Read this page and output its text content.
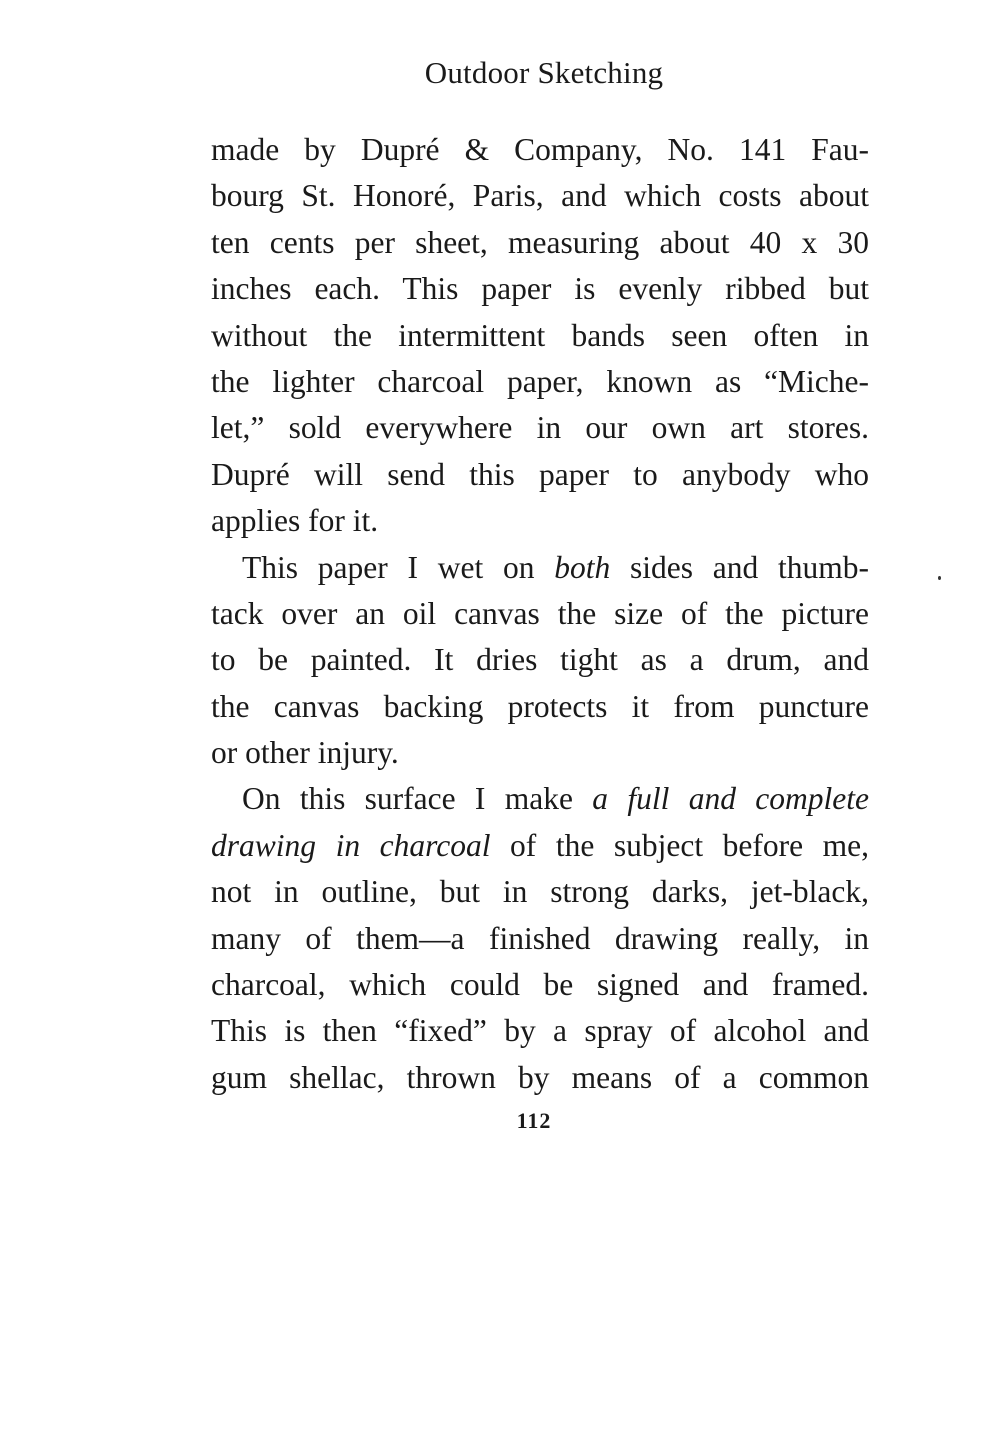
Outdoor Sketching
made by Dupré & Company, No. 141 Fau-
bourg St. Honoré, Paris, and which costs about
ten cents per sheet, measuring about 40 x 30
inches each. This paper is evenly ribbed but
without the intermittent bands seen often in
the lighter charcoal paper, known as “Miche-
let,” sold everywhere in our own art stores.
Dupré will send this paper to anybody who
applies for it.
This paper I wet on both sides and thumb-
tack over an oil canvas the size of the picture
to be painted. It dries tight as a drum, and
the canvas backing protects it from puncture
or other injury.
On this surface I make a full and complete
drawing in charcoal of the subject before me,
not in outline, but in strong darks, jet-black,
many of them—a finished drawing really, in
charcoal, which could be signed and framed.
This is then “fixed” by a spray of alcohol and
gum shellac, thrown by means of a common
112
